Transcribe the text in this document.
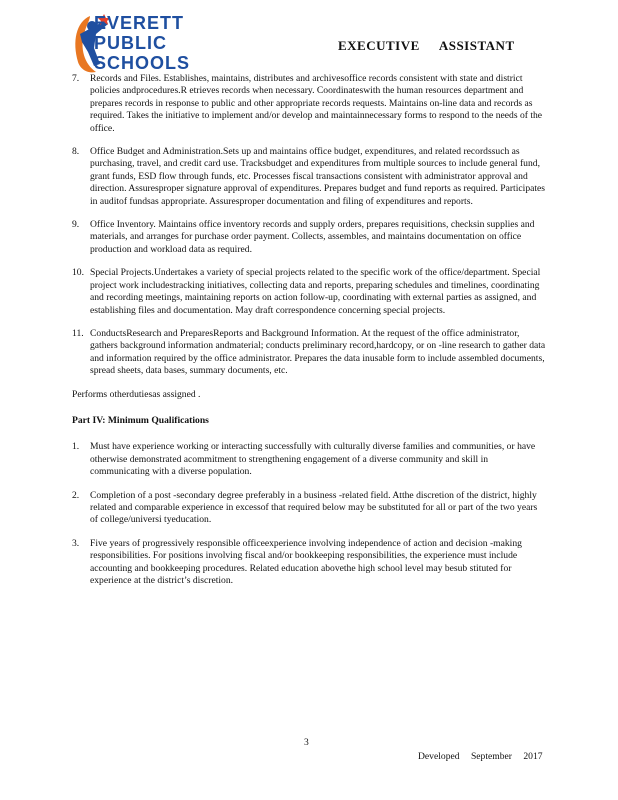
EVERETT
PUBLIC
SCHOOLS
EXECUTIVE ASSISTANT
7. Records and Files. Establishes, maintains, distributes and archivesoffice records consistent with state and district policies andprocedures.R etrieves records when necessary. Coordinateswith the human resources department and prepares records in response to public and other appropriate records requests. Maintains on-line data and records as required. Takes the initiative to implement and/or develop and maintainnecessary forms to respond to the needs of the office.
8. Office Budget and Administration.Sets up and maintains office budget, expenditures, and related recordssuch as purchasing, travel, and credit card use. Tracksbudget and expenditures from multiple sources to include general fund, grant funds, ESD flow through funds, etc. Processes fiscal transactions consistent with administrator approval and direction. Assuresproper signature approval of expenditures. Prepares budget and fund reports as required. Participates in auditof fundsas appropriate. Assuresproper documentation and filing of expenditures and reports.
9. Office Inventory. Maintains office inventory records and supply orders, prepares requisitions, checksin supplies and materials, and arranges for purchase order payment. Collects, assembles, and maintains documentation on office production and workload data as required.
10. Special Projects.Undertakes a variety of special projects related to the specific work of the office/department. Special project work includestracking initiatives, collecting data and reports, preparing schedules and timelines, coordinating and recording meetings, maintaining reports on action follow-up, coordinating with external parties as assigned, and establishing files and documentation. May draft correspondence concerning special projects.
11. ConductsResearch and PreparesReports and Background Information. At the request of the office administrator, gathers background information andmaterial; conducts preliminary record,hardcopy, or on -line research to gather data and information required by the office administrator. Prepares the data inusable form to include assembled documents, spread sheets, data bases, summary documents, etc.

Performs otherdutiesas assigned .

Part IV: Minimum Qualifications

1. Must have experience working or interacting successfully with culturally diverse families and communities, or have otherwise demonstrated acommitment to strengthening engagement of a diverse community and skill in communicating with a diverse population.
2. Completion of a post -secondary degree preferably in a business -related field. Atthe discretion of the district, highly related and comparable experience in excessof that required below may be substituted for all or part of the two years of college/universi tyeducation.
3. Five years of progressively responsible officeexperience involving independence of action and decision -making responsibilities. For positions involving fiscal and/or bookkeeping responsibilities, the experience must include accounting and bookkeeping procedures. Related education abovethe high school level may besub stituted for experience at the district’s discretion.
3
Developed September 2017
